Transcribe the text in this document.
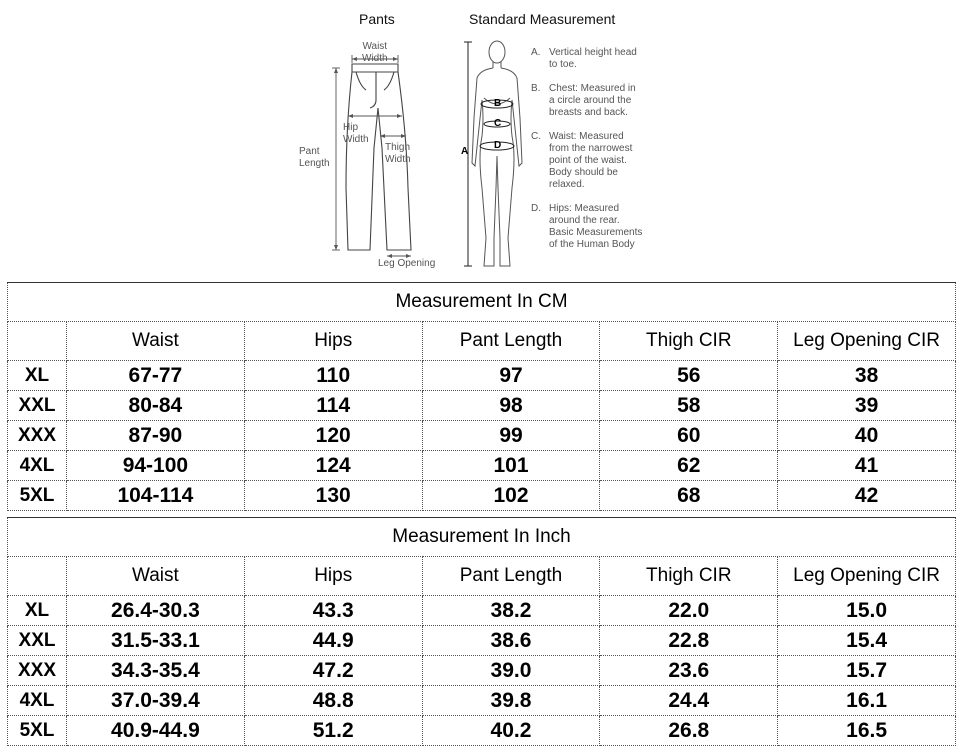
Pants	Standard Measurement
Waist
Width
Hip
Width
Pant
Length
Thigh
Width
Leg Opening
A
B
C
D
A. Vertical height head
to toe.
B. Chest: Measured in
a circle around the
breasts and back.
C. Waist: Measured
from the narrowest
point of the waist.
Body should be
relaxed.
D. Hips: Measured
around the rear.
Basic Measurements
of the Human Body
Measurement In CM					
	Waist	Hips	Pant Length	Thigh CIR	Leg Opening CIR
XL	67-77	110	97	56	38
XXL	80-84	114	98	58	39
XXX	87-90	120	99	60	40
4XL	94-100	124	101	62	41
5XL	104-114	130	102	68	42
Measurement In Inch					
	Waist	Hips	Pant Length	Thigh CIR	Leg Opening CIR
XL	26.4-30.3	43.3	38.2	22.0	15.0
XXL	31.5-33.1	44.9	38.6	22.8	15.4
XXX	34.3-35.4	47.2	39.0	23.6	15.7
4XL	37.0-39.4	48.8	39.8	24.4	16.1
5XL	40.9-44.9	51.2	40.2	26.8	16.5
